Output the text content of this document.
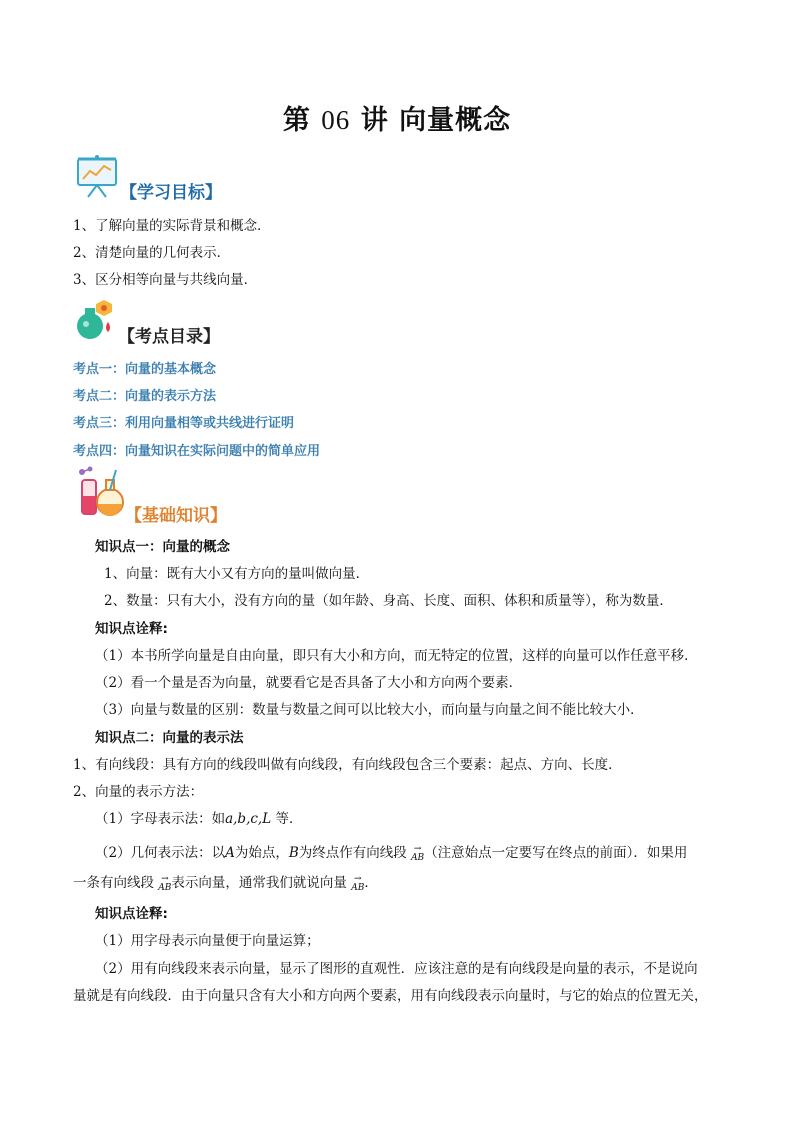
第 06 讲 向量概念
【学习目标】
1、了解向量的实际背景和概念．
2、清楚向量的几何表示．
3、区分相等向量与共线向量．
【考点目录】
考点一：向量的基本概念
考点二：向量的表示方法
考点三：利用向量相等或共线进行证明
考点四：向量知识在实际问题中的简单应用
【基础知识】
知识点一：向量的概念
1、向量：既有大小又有方向的量叫做向量．
2、数量：只有大小，没有方向的量（如年龄、身高、长度、面积、体积和质量等），称为数量．
知识点诠释:
（1）本书所学向量是自由向量，即只有大小和方向，而无特定的位置，这样的向量可以作任意平移．
（2）看一个量是否为向量，就要看它是否具备了大小和方向两个要素．
（3）向量与数量的区别：数量与数量之间可以比较大小，而向量与向量之间不能比较大小．
知识点二：向量的表示法
1、有向线段：具有方向的线段叫做有向线段，有向线段包含三个要素：起点、方向、长度．
2、向量的表示方法：
（1）字母表示法：如a,b,c,L 等．
（2）几何表示法：以A为始点，B为终点作有向线段 →
AB（注意始点一定要写在终点的前面）．如果用
一条有向线段 →
AB表示向量，通常我们就说向量 →
AB．
知识点诠释:
（1）用字母表示向量便于向量运算；
（2）用有向线段来表示向量，显示了图形的直观性．应该注意的是有向线段是向量的表示，不是说向
量就是有向线段．由于向量只含有大小和方向两个要素，用有向线段表示向量时，与它的始点的位置无关，
